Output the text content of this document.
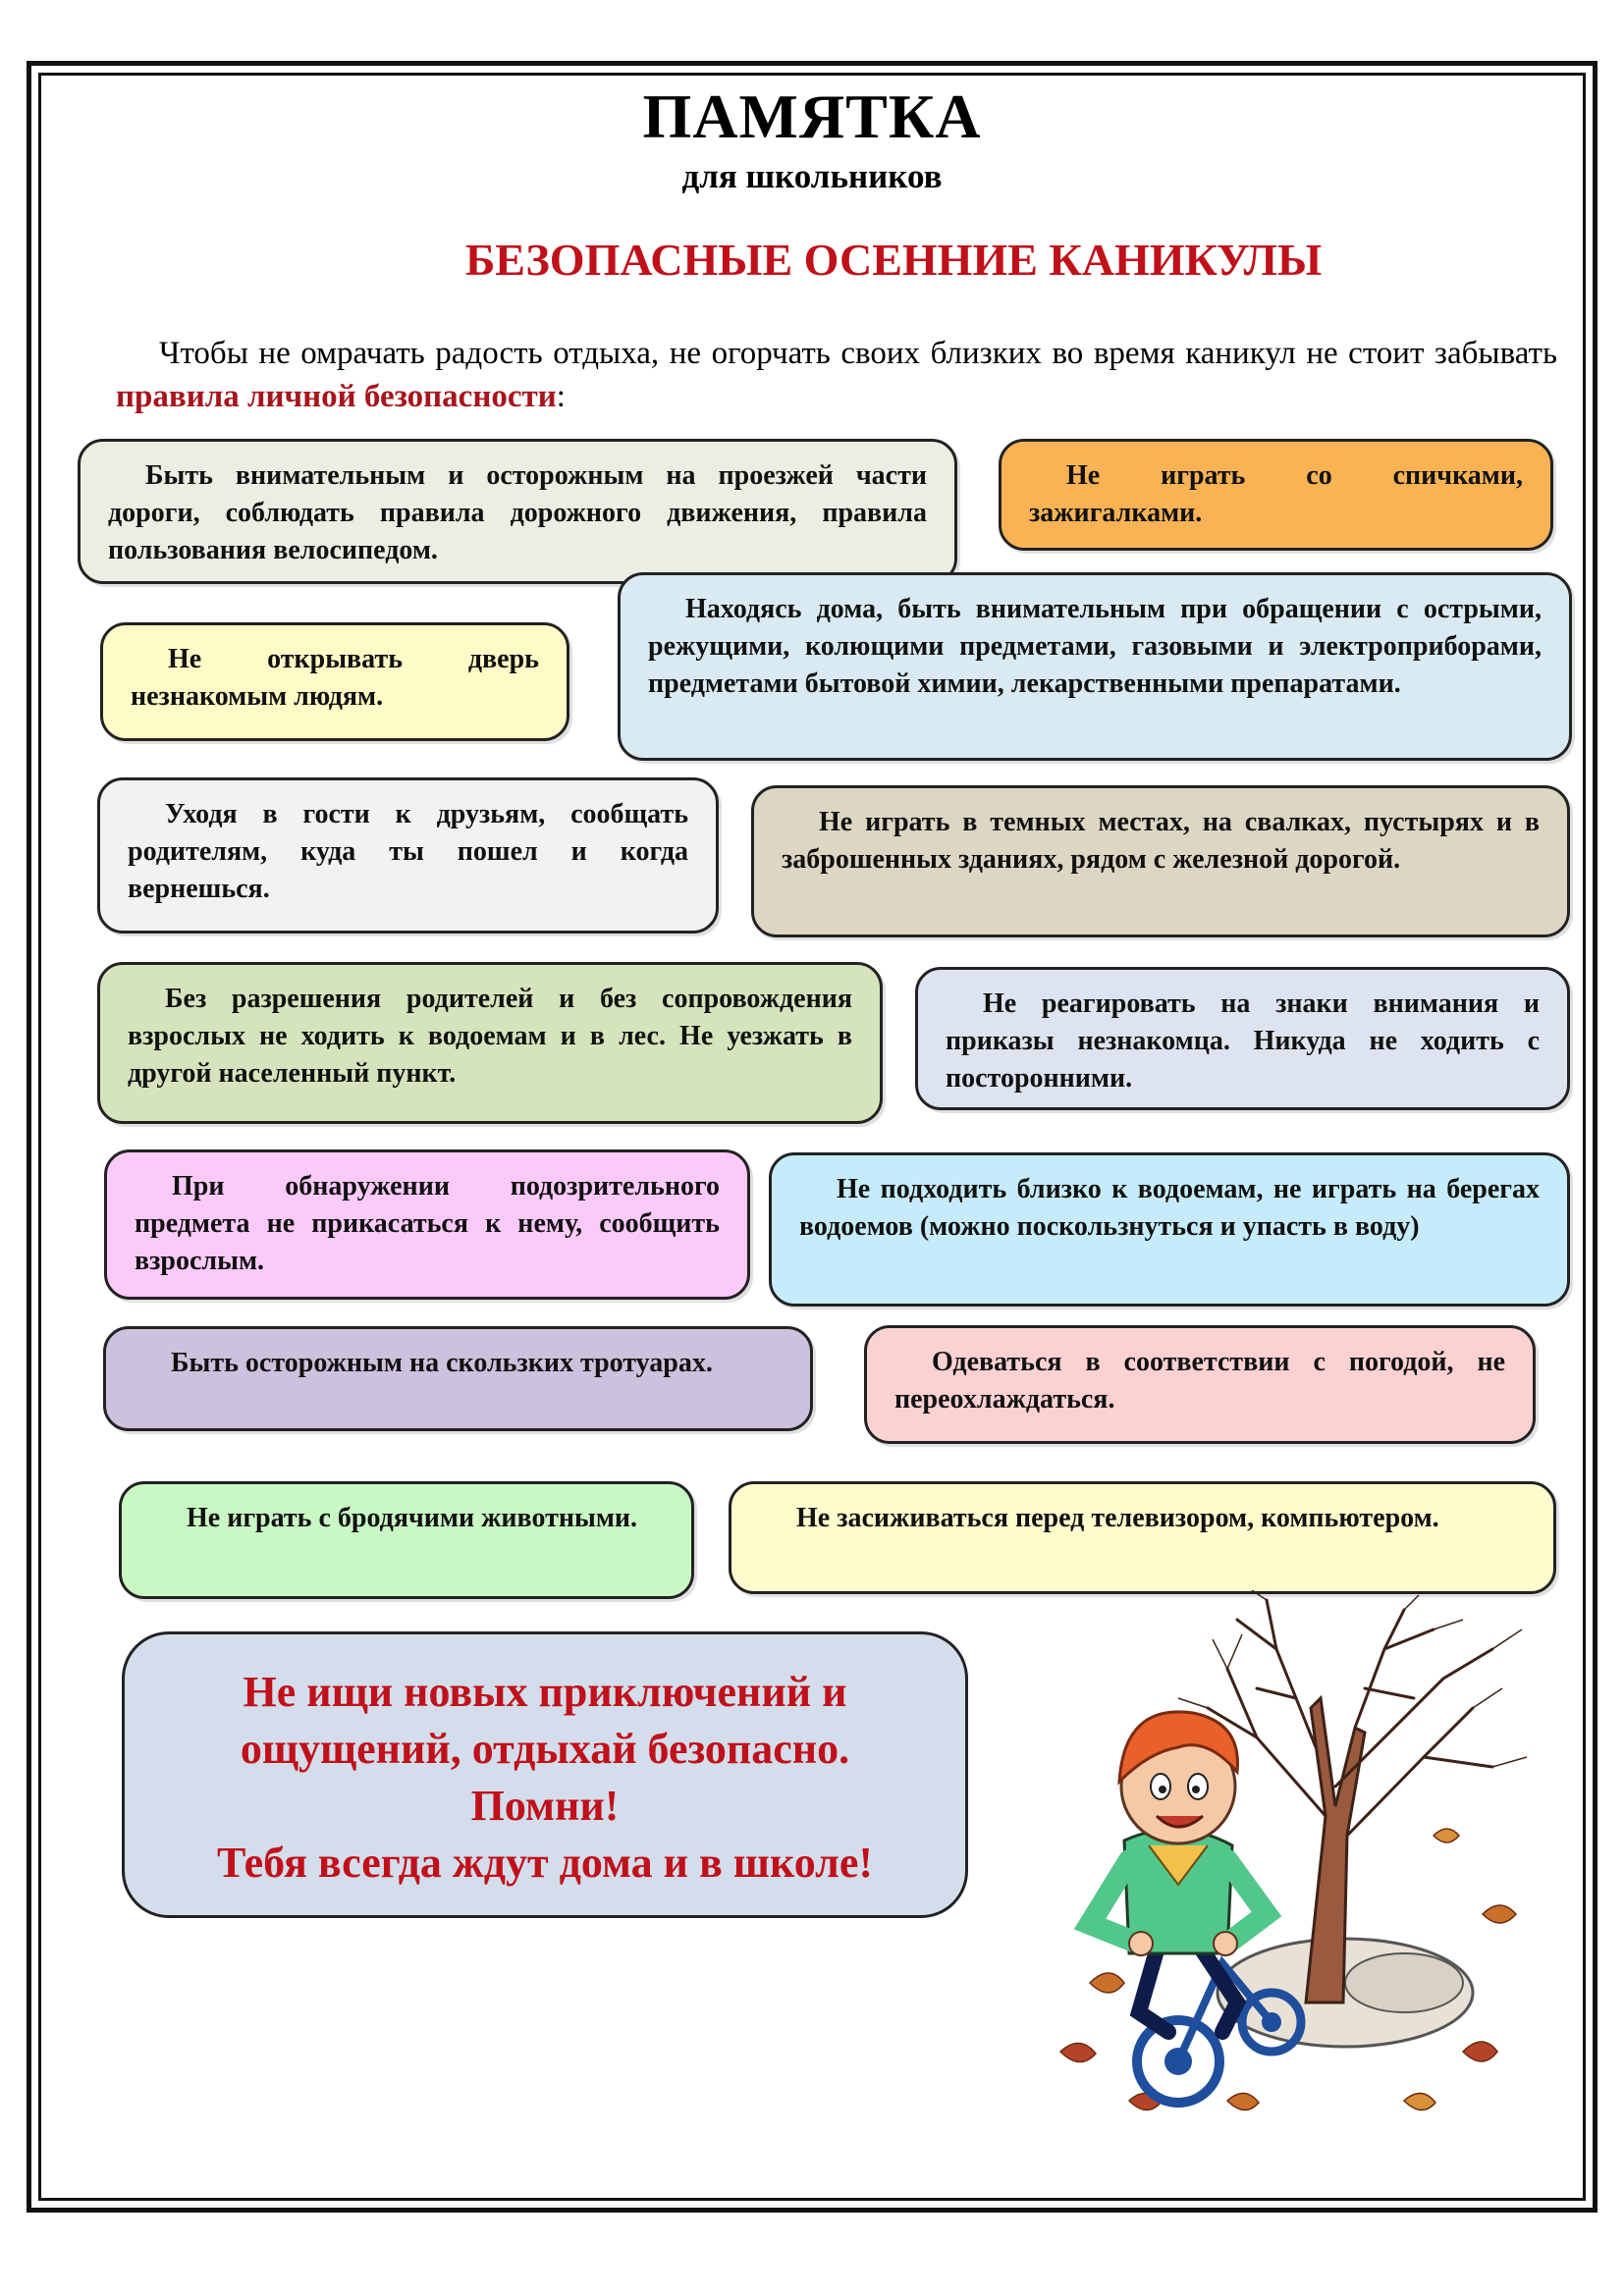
ПАМЯТКА
для школьников
БЕЗОПАСНЫЕ ОСЕННИЕ КАНИКУЛЫ
Чтобы не омрачать радость отдыха, не огорчать своих близких во время каникул не стоит забывать правила личной безопасности:
Быть внимательным и осторожным на проезжей части дороги, соблюдать правила дорожного движения, правила пользования велосипедом.
Не играть со спичками, зажигалками.
Не открывать дверь незнакомым людям.
Находясь дома, быть внимательным при обращении с острыми, режущими, колющими предметами, газовыми и электроприборами, предметами бытовой химии, лекарственными препаратами.
Уходя в гости к друзьям, сообщать родителям, куда ты пошел и когда вернешься.
Не играть в темных местах, на свалках, пустырях и в заброшенных зданиях, рядом с железной дорогой.
Без разрешения родителей и без сопровождения взрослых не ходить к водоемам и в лес. Не уезжать в другой населенный пункт.
Не реагировать на знаки внимания и приказы незнакомца. Никуда не ходить с посторонними.
При обнаружении подозрительного предмета не прикасаться к нему, сообщить взрослым.
Не подходить близко к водоемам, не играть на берегах водоемов (можно поскользнуться и упасть в воду)
Быть осторожным на скользких тротуарах.	Одеваться в соответствии с погодой, не переохлаждаться.
Не играть с бродячими животными.	Не засиживаться перед телевизором, компьютером.
Не ищи новых приключений и
ощущений, отдыхай безопасно.
Помни!
Тебя всегда ждут дома и в школе!
